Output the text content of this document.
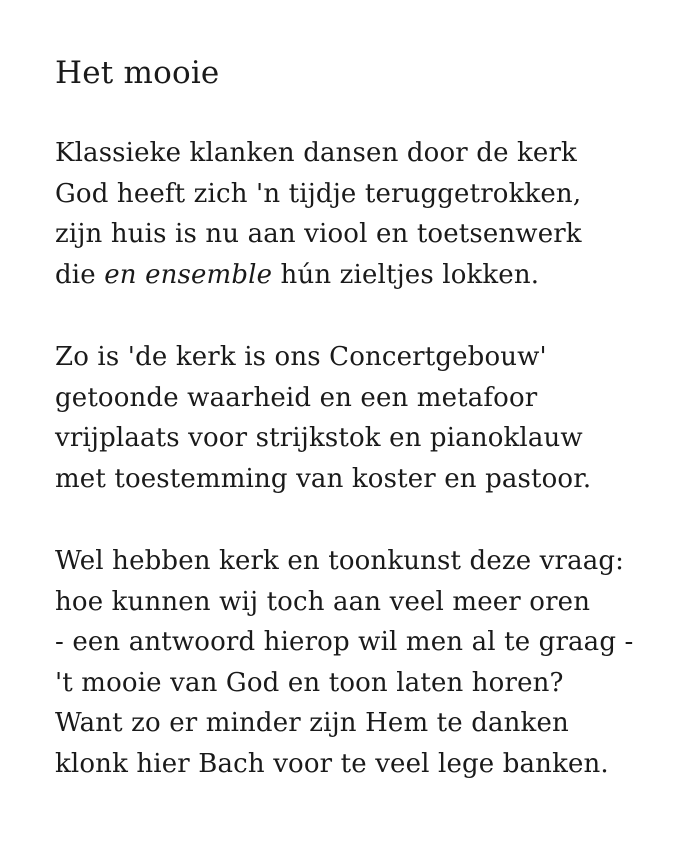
Het mooie
Klassieke klanken dansen door de kerk
God heeft zich 'n tijdje teruggetrokken,
zijn huis is nu aan viool en toetsenwerk
die en ensemble hún zieltjes lokken.
Zo is 'de kerk is ons Concertgebouw'
getoonde waarheid en een metafoor
vrijplaats voor strijkstok en pianoklauw
met toestemming van koster en pastoor.
Wel hebben kerk en toonkunst deze vraag:
hoe kunnen wij toch aan veel meer oren
- een antwoord hierop wil men al te graag -
't mooie van God en toon laten horen?
Want zo er minder zijn Hem te danken
klonk hier Bach voor te veel lege banken.
